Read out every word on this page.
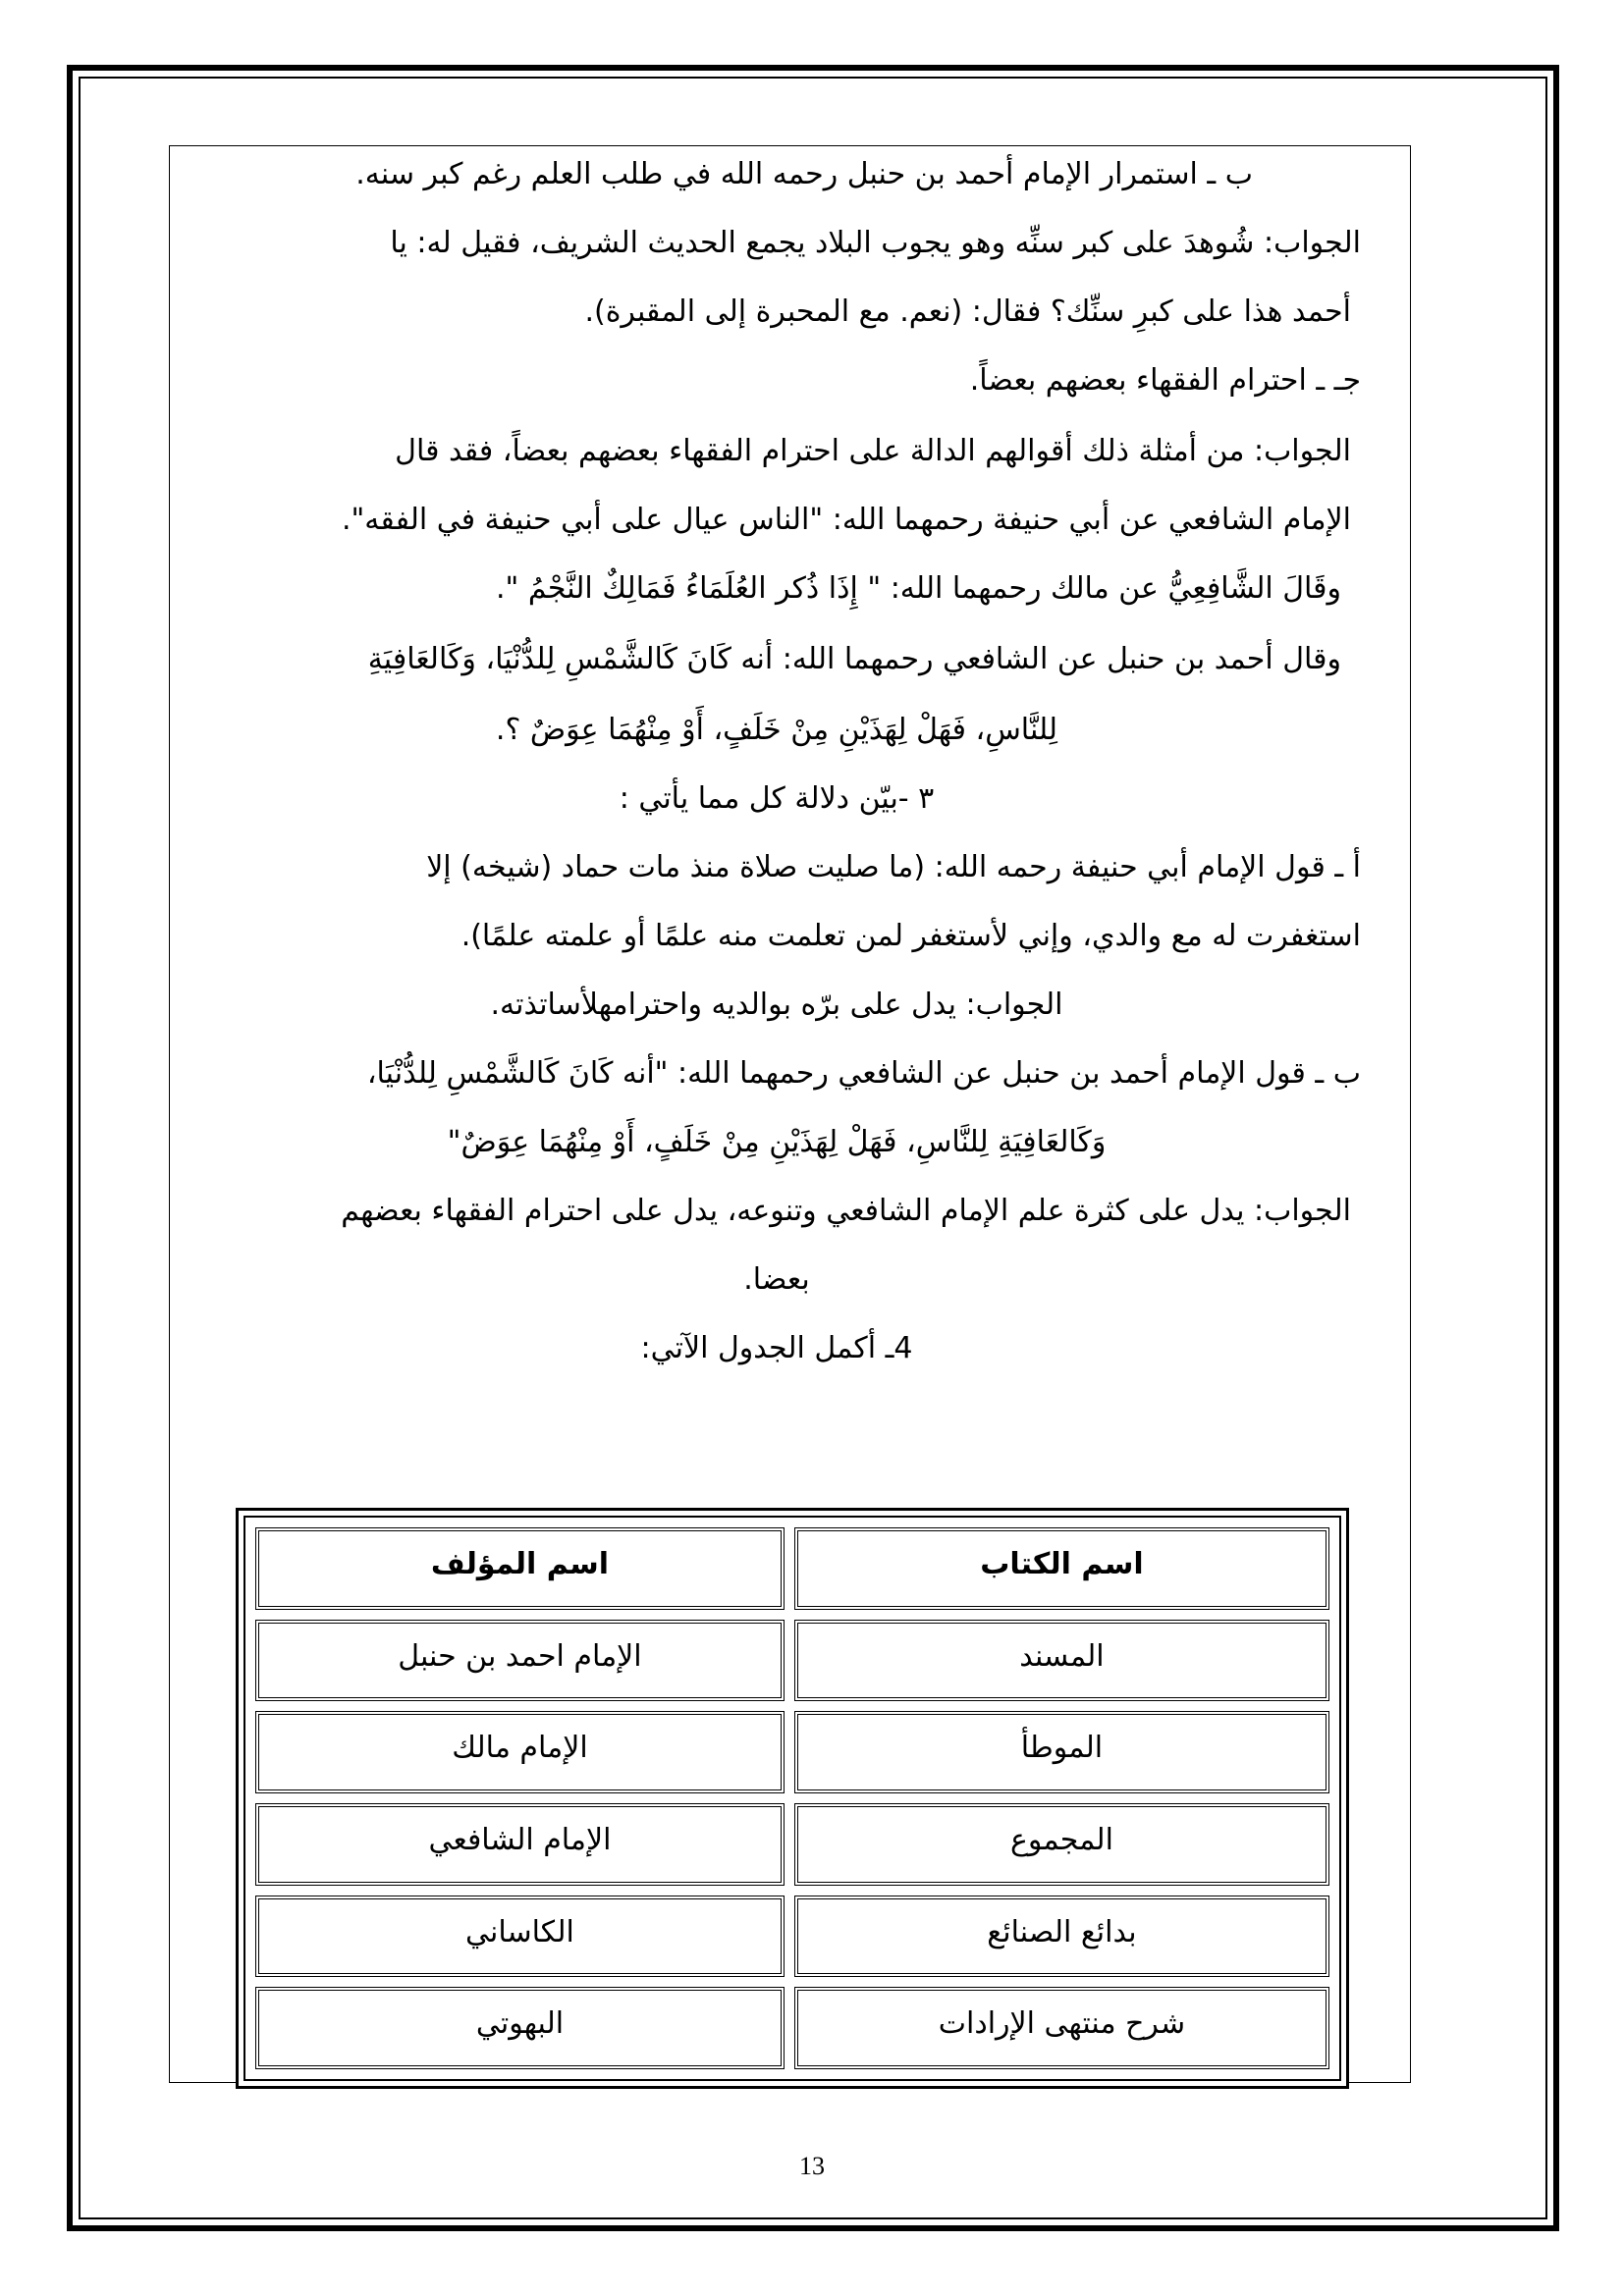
ب ـ استمرار الإمام أحمد بن حنبل رحمه الله في طلب العلم رغم كبر سنه.
الجواب: شُوهدَ على كبر سنِّه وهو يجوب البلاد يجمع الحديث الشريف، فقيل له: يا
أحمد هذا على كبرِ سنِّك؟ فقال: (نعم. مع المحبرة إلى المقبرة).
جـ ـ احترام الفقهاء بعضهم بعضاً.
الجواب: من أمثلة ذلك أقوالهم الدالة على احترام الفقهاء بعضهم بعضاً، فقد قال
الإمام الشافعي عن أبي حنيفة رحمهما الله: "الناس عيال على أبي حنيفة في الفقه".
وقَالَ الشَّافِعِيُّ عن مالك رحمهما الله: " إِذَا ذُكر العُلَمَاءُ فَمَالِكٌ النَّجْمُ ".
وقال أحمد بن حنبل عن الشافعي رحمهما الله: أنه كَانَ كَالشَّمْسِ لِلدُّنْيَا، وَكَالعَافِيَةِ
لِلنَّاسِ، فَهَلْ لِهَذَيْنِ مِنْ خَلَفٍ، أَوْ مِنْهُمَا عِوَضٌ ؟.
٣ -بيّن دلالة كل مما يأتي :
أ ـ قول الإمام أبي حنيفة رحمه الله: (ما صليت صلاة منذ مات حماد (شيخه) إلا
استغفرت له مع والدي، وإني لأستغفر لمن تعلمت منه علمًا أو علمته علمًا).
الجواب: يدل على برّه بوالديه واحترامهلأساتذته.
ب ـ قول الإمام أحمد بن حنبل عن الشافعي رحمهما الله: "أنه كَانَ كَالشَّمْسِ لِلدُّنْيَا،
وَكَالعَافِيَةِ لِلنَّاسِ، فَهَلْ لِهَذَيْنِ مِنْ خَلَفٍ، أَوْ مِنْهُمَا عِوَضٌ"
الجواب: يدل على كثرة علم الإمام الشافعي وتنوعه، يدل على احترام الفقهاء بعضهم
بعضا.
4ـ أكمل الجدول الآتي:
اسم الكتاب	اسم المؤلف
المسند	الإمام احمد بن حنبل
الموطأ	الإمام مالك
المجموع	الإمام الشافعي
بدائع الصنائع	الكاساني
شرح منتهى الإرادات	البهوتي
13
